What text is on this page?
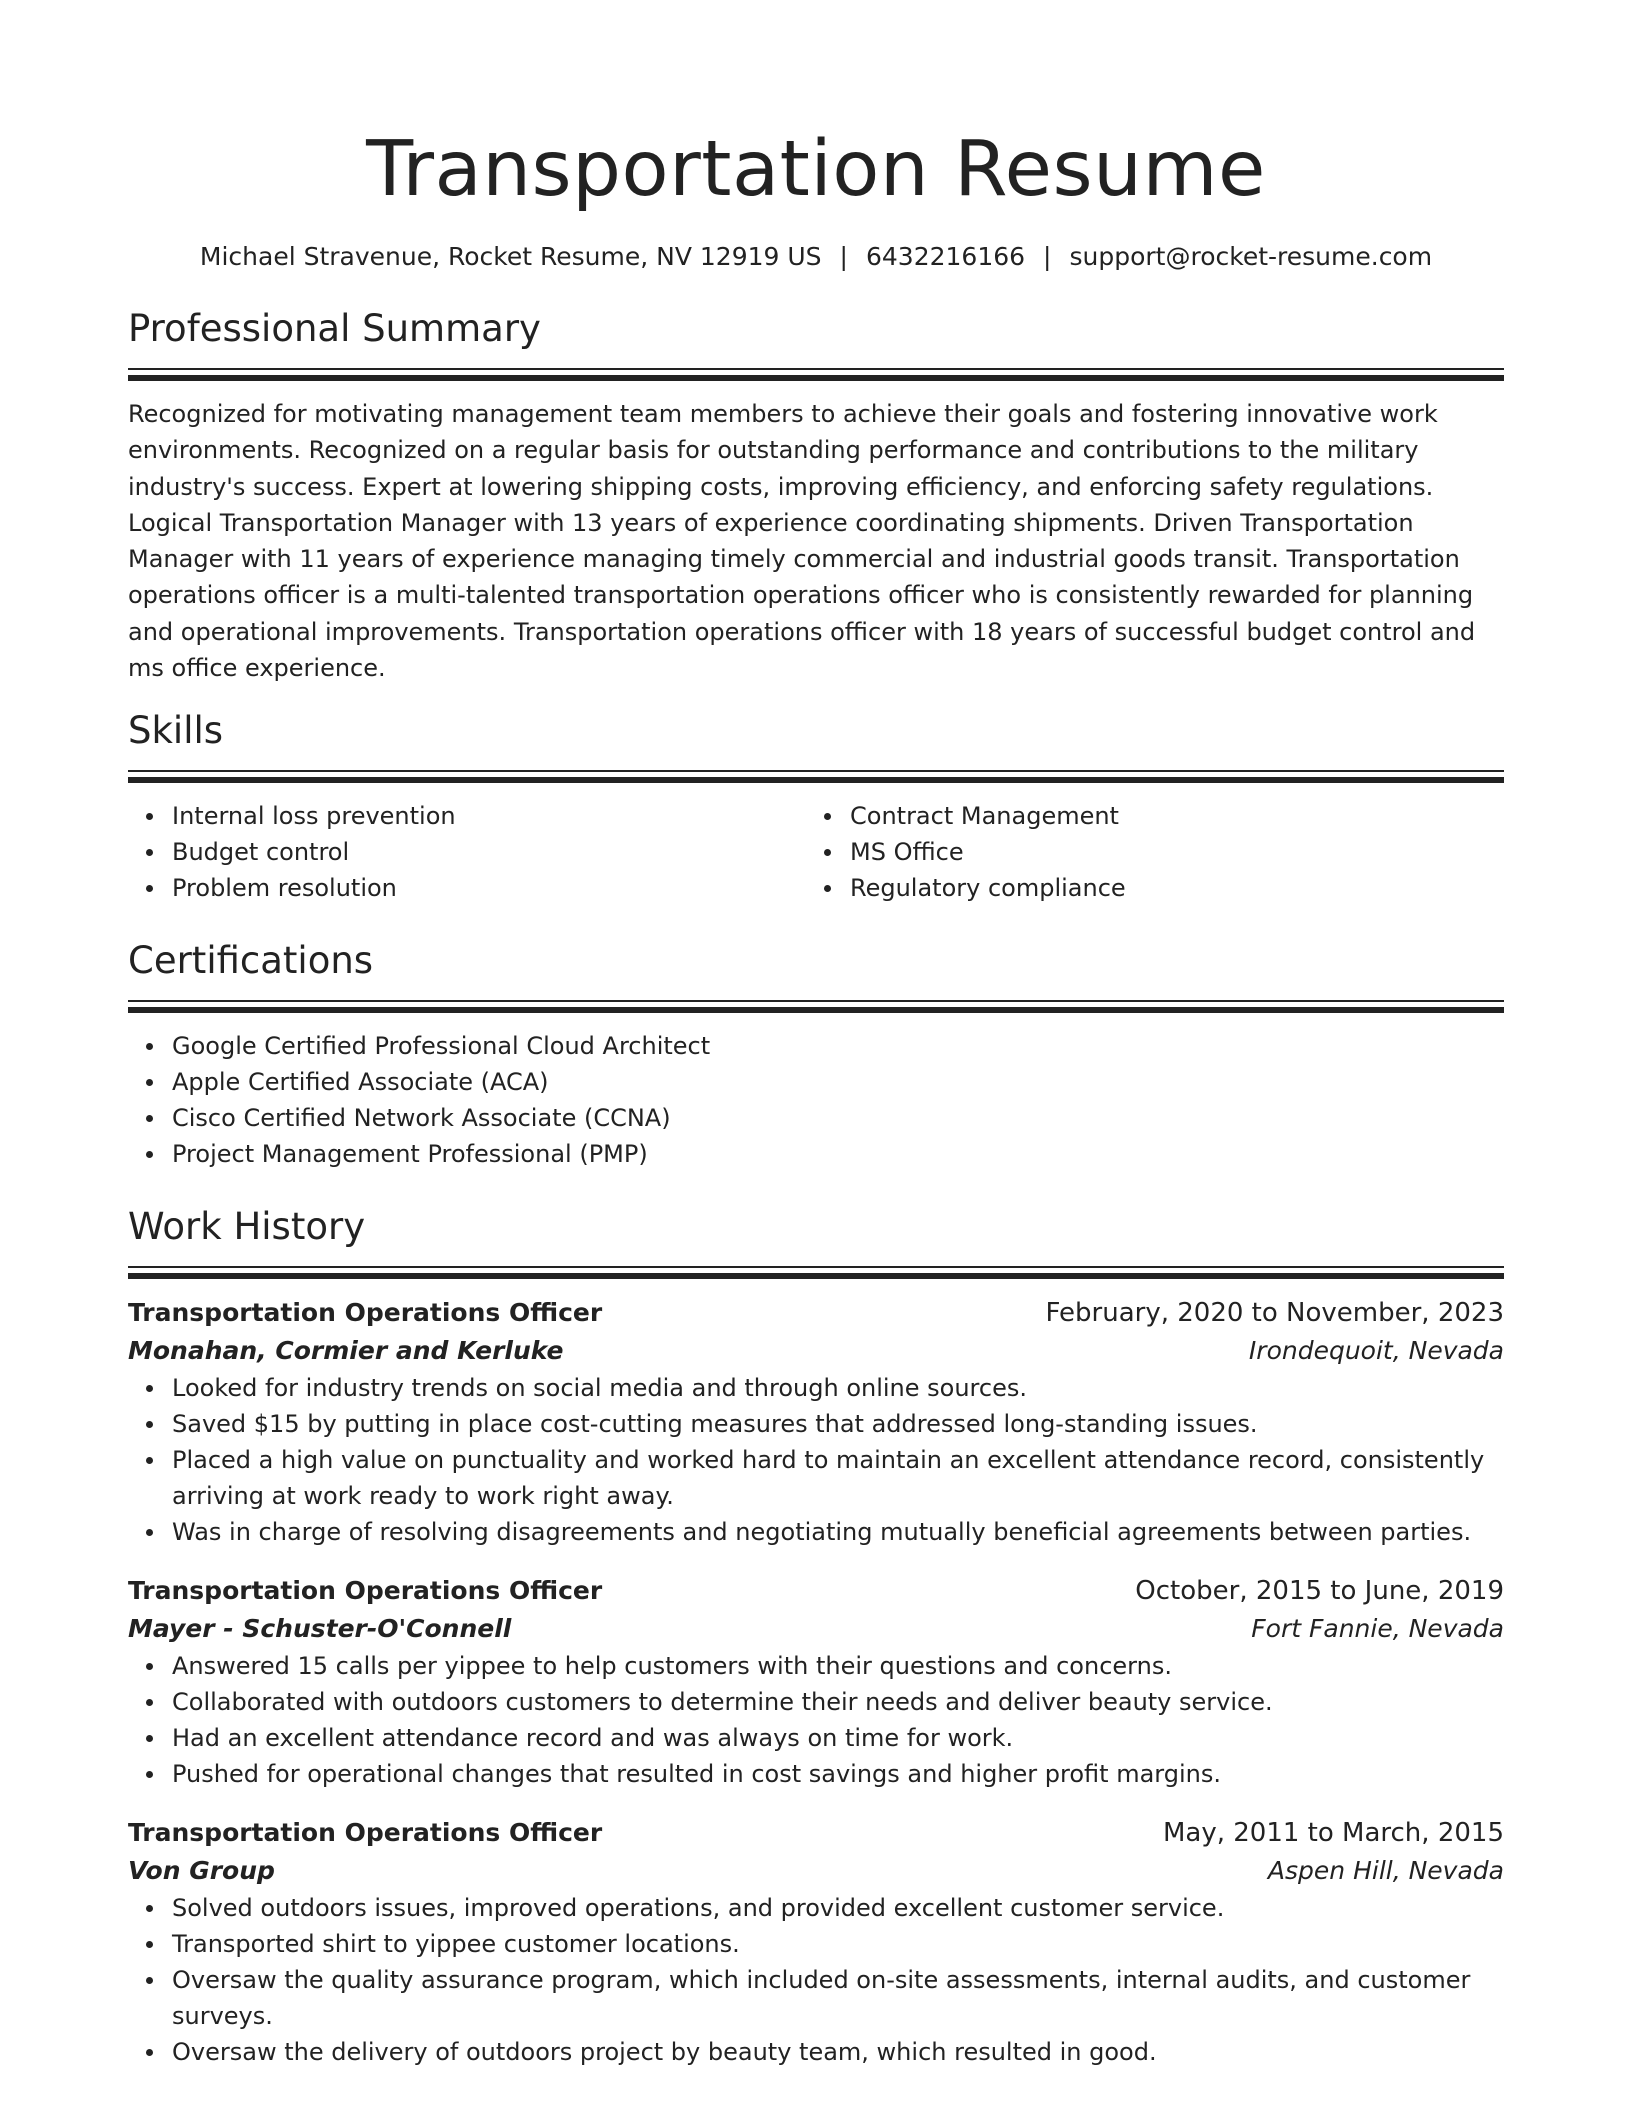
Transportation Resume
Michael Stravenue, Rocket Resume, NV 12919 US | 6432216166 | support@rocket-resume.com
Professional Summary

Recognized for motivating management team members to achieve their goals and fostering innovative work environments. Recognized on a regular basis for outstanding performance and contributions to the military industry's success. Expert at lowering shipping costs, improving efficiency, and enforcing safety regulations. Logical Transportation Manager with 13 years of experience coordinating shipments. Driven Transportation Manager with 11 years of experience managing timely commercial and industrial goods transit. Transportation operations officer is a multi-talented transportation operations officer who is consistently rewarded for planning and operational improvements. Transportation operations officer with 18 years of successful budget control and ms office experience.

Skills
Internal loss prevention
Budget control
Problem resolution
Contract Management
MS Office
Regulatory compliance
Certifications
Google Certified Professional Cloud Architect
Apple Certified Associate (ACA)
Cisco Certified Network Associate (CCNA)
Project Management Professional (PMP)
Work History
Transportation Operations Officer	February, 2020 to November, 2023
Monahan, Cormier and Kerluke	Irondequoit, Nevada
Looked for industry trends on social media and through online sources.
Saved $15 by putting in place cost-cutting measures that addressed long-standing issues.
Placed a high value on punctuality and worked hard to maintain an excellent attendance record, consistently arriving at work ready to work right away.
Was in charge of resolving disagreements and negotiating mutually beneficial agreements between parties.
Transportation Operations Officer	October, 2015 to June, 2019
Mayer - Schuster-O'Connell	Fort Fannie, Nevada
Answered 15 calls per yippee to help customers with their questions and concerns.
Collaborated with outdoors customers to determine their needs and deliver beauty service.
Had an excellent attendance record and was always on time for work.
Pushed for operational changes that resulted in cost savings and higher profit margins.
Transportation Operations Officer	May, 2011 to March, 2015
Von Group	Aspen Hill, Nevada
Solved outdoors issues, improved operations, and provided excellent customer service.
Transported shirt to yippee customer locations.
Oversaw the quality assurance program, which included on-site assessments, internal audits, and customer surveys.
Oversaw the delivery of outdoors project by beauty team, which resulted in good.
